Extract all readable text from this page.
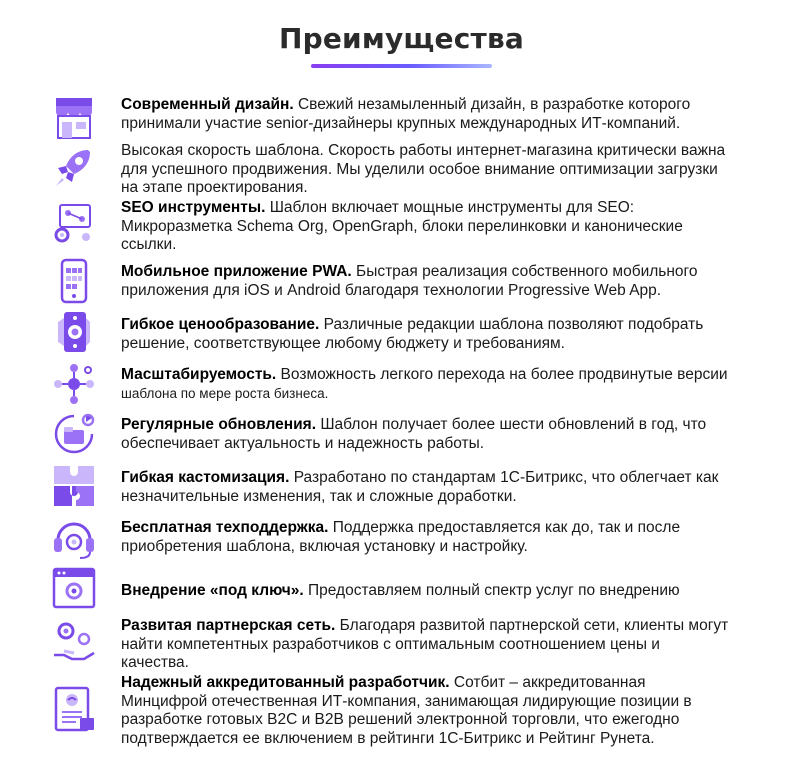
Преимущества
Современный дизайн. Свежий незамыленный дизайн, в разработке которого принимали участие senior-дизайнеры крупных международных ИТ-компаний.
Высокая скорость шаблона. Скорость работы интернет-магазина критически важна для успешного продвижения. Мы уделили особое внимание оптимизации загрузки на этапе проектирования.
SEO инструменты. Шаблон включает мощные инструменты для SEO: Микроразметка Schema Org, OpenGraph, блоки перелинковки и канонические ссылки.
Мобильное приложение PWA. Быстрая реализация собственного мобильного приложения для iOS и Android благодаря технологии Progressive Web App.
Гибкое ценообразование. Различные редакции шаблона позволяют подобрать решение, соответствующее любому бюджету и требованиям.
Масштабируемость. Возможность легкого перехода на более продвинутые версии
шаблона по мере роста бизнеса.
Регулярные обновления. Шаблон получает более шести обновлений в год, что обеспечивает актуальность и надежность работы.
Гибкая кастомизация. Разработано по стандартам 1С-Битрикс, что облегчает как незначительные изменения, так и сложные доработки.
Бесплатная техподдержка. Поддержка предоставляется как до, так и после приобретения шаблона, включая установку и настройку.
Внедрение «под ключ». Предоставляем полный спектр услуг по внедрению
Развитая партнерская сеть. Благодаря развитой партнерской сети, клиенты могут найти компетентных разработчиков с оптимальным соотношением цены и качества.
Надежный аккредитованный разработчик. Сотбит – аккредитованная Минцифрой отечественная ИТ-компания, занимающая лидирующие позиции в разработке готовых B2C и B2B решений электронной торговли, что ежегодно подтверждается ее включением в рейтинги 1С-Битрикс и Рейтинг Рунета.
